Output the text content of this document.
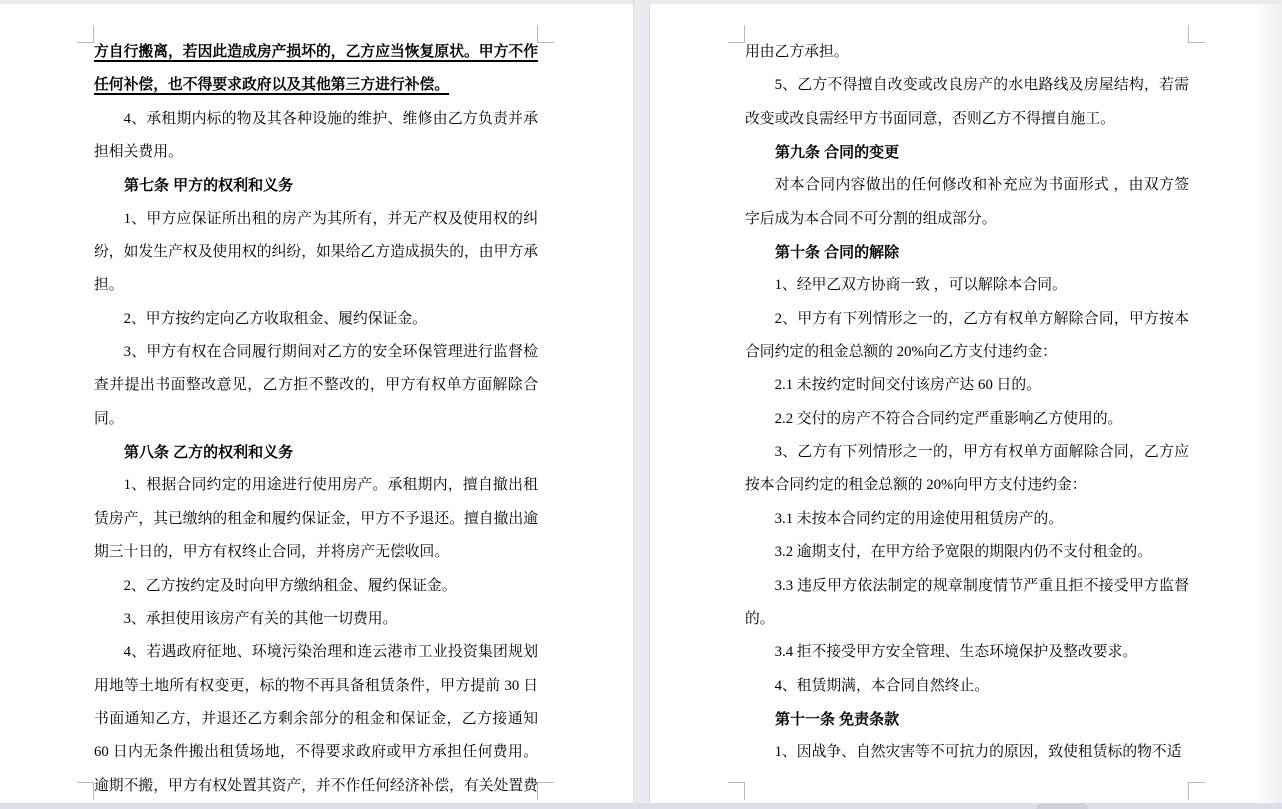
方自行搬离，若因此造成房产损坏的，乙方应当恢复原状。甲方不作任何补偿，也不得要求政府以及其他第三方进行补偿。

4、承租期内标的物及其各种设施的维护、维修由乙方负责并承担相关费用。

第七条 甲方的权利和义务

1、甲方应保证所出租的房产为其所有，并无产权及使用权的纠纷，如发生产权及使用权的纠纷，如果给乙方造成损失的，由甲方承担。

2、甲方按约定向乙方收取租金、履约保证金。

3、甲方有权在合同履行期间对乙方的安全环保管理进行监督检查并提出书面整改意见，乙方拒不整改的，甲方有权单方面解除合同。

第八条 乙方的权利和义务

1、根据合同约定的用途进行使用房产。承租期内，擅自撤出租赁房产，其已缴纳的租金和履约保证金，甲方不予退还。擅自撤出逾期三十日的，甲方有权终止合同，并将房产无偿收回。

2、乙方按约定及时向甲方缴纳租金、履约保证金。

3、承担使用该房产有关的其他一切费用。

4、若遇政府征地、环境污染治理和连云港市工业投资集团规划用地等土地所有权变更，标的物不再具备租赁条件，甲方提前 30 日书面通知乙方，并退还乙方剩余部分的租金和保证金，乙方接通知 60 日内无条件搬出租赁场地，不得要求政府或甲方承担任何费用。逾期不搬，甲方有权处置其资产，并不作任何经济补偿，有关处置费

用由乙方承担。

5、乙方不得擅自改变或改良房产的水电路线及房屋结构，若需改变或改良需经甲方书面同意，否则乙方不得擅自施工。

第九条 合同的变更

对本合同内容做出的任何修改和补充应为书面形式 ，由双方签字后成为本合同不可分割的组成部分。

第十条 合同的解除

1、经甲乙双方协商一致 ，可以解除本合同。

2、甲方有下列情形之一的，乙方有权单方解除合同，甲方按本合同约定的租金总额的 20%向乙方支付违约金：

2.1 未按约定时间交付该房产达 60 日的。

2.2 交付的房产不符合合同约定严重影响乙方使用的。

3、乙方有下列情形之一的，甲方有权单方面解除合同，乙方应按本合同约定的租金总额的 20%向甲方支付违约金：

3.1 未按本合同约定的用途使用租赁房产的。

3.2 逾期支付，在甲方给予宽限的期限内仍不支付租金的。

3.3 违反甲方依法制定的规章制度情节严重且拒不接受甲方监督的。

3.4 拒不接受甲方安全管理、生态环境保护及整改要求。

4、租赁期满，本合同自然终止。

第十一条 免责条款

1、因战争、自然灾害等不可抗力的原因，致使租赁标的物不适
